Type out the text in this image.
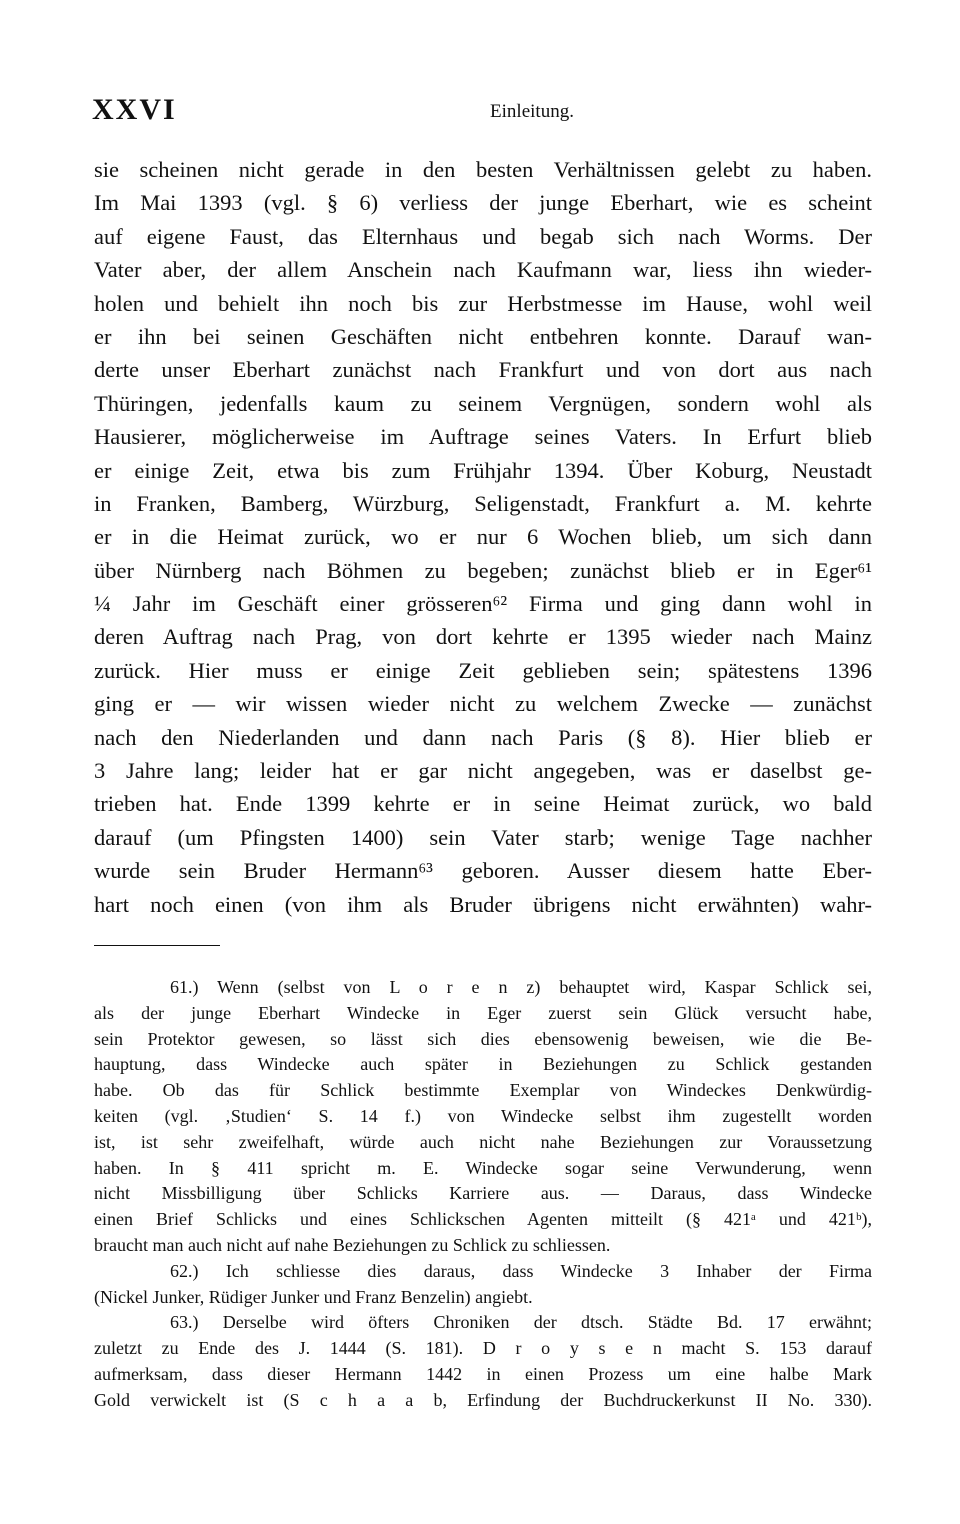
XXVI	Einleitung.
sie scheinen nicht gerade in den besten Verhältnissen gelebt zu haben.
Im Mai 1393 (vgl. § 6) verliess der junge Eberhart, wie es scheint
auf eigene Faust, das Elternhaus und begab sich nach Worms. Der
Vater aber, der allem Anschein nach Kaufmann war, liess ihn wieder-
holen und behielt ihn noch bis zur Herbstmesse im Hause, wohl weil
er ihn bei seinen Geschäften nicht entbehren konnte. Darauf wan-
derte unser Eberhart zunächst nach Frankfurt und von dort aus nach
Thüringen, jedenfalls kaum zu seinem Vergnügen, sondern wohl als
Hausierer, möglicherweise im Auftrage seines Vaters. In Erfurt blieb
er einige Zeit, etwa bis zum Frühjahr 1394. Über Koburg, Neustadt
in Franken, Bamberg, Würzburg, Seligenstadt, Frankfurt a. M. kehrte
er in die Heimat zurück, wo er nur 6 Wochen blieb, um sich dann
über Nürnberg nach Böhmen zu begeben; zunächst blieb er in Eger⁶¹
¼ Jahr im Geschäft einer grösseren⁶² Firma und ging dann wohl in
deren Auftrag nach Prag, von dort kehrte er 1395 wieder nach Mainz
zurück. Hier muss er einige Zeit geblieben sein; spätestens 1396
ging er — wir wissen wieder nicht zu welchem Zwecke — zunächst
nach den Niederlanden und dann nach Paris (§ 8). Hier blieb er
3 Jahre lang; leider hat er gar nicht angegeben, was er daselbst ge-
trieben hat. Ende 1399 kehrte er in seine Heimat zurück, wo bald
darauf (um Pfingsten 1400) sein Vater starb; wenige Tage nachher
wurde sein Bruder Hermann⁶³ geboren. Ausser diesem hatte Eber-
hart noch einen (von ihm als Bruder übrigens nicht erwähnten) wahr-
61.) Wenn (selbst von L o r e n z) behauptet wird, Kaspar Schlick sei,
als der junge Eberhart Windecke in Eger zuerst sein Glück versucht habe,
sein Protektor gewesen, so lässt sich dies ebensowenig beweisen, wie die Be-
hauptung, dass Windecke auch später in Beziehungen zu Schlick gestanden
habe. Ob das für Schlick bestimmte Exemplar von Windeckes Denkwürdig-
keiten (vgl. ‚Studien‘ S. 14 f.) von Windecke selbst ihm zugestellt worden
ist, ist sehr zweifelhaft, würde auch nicht nahe Beziehungen zur Voraussetzung
haben. In § 411 spricht m. E. Windecke sogar seine Verwunderung, wenn
nicht Missbilligung über Schlicks Karriere aus. — Daraus, dass Windecke
einen Brief Schlicks und eines Schlickschen Agenten mitteilt (§ 421ᵃ und 421ᵇ),
braucht man auch nicht auf nahe Beziehungen zu Schlick zu schliessen.
62.) Ich schliesse dies daraus, dass Windecke 3 Inhaber der Firma
(Nickel Junker, Rüdiger Junker und Franz Benzelin) angiebt.
63.) Derselbe wird öfters Chroniken der dtsch. Städte Bd. 17 erwähnt;
zuletzt zu Ende des J. 1444 (S. 181). D r o y s e n macht S. 153 darauf
aufmerksam, dass dieser Hermann 1442 in einen Prozess um eine halbe Mark
Gold verwickelt ist (S c h a a b, Erfindung der Buchdruckerkunst II No. 330).
